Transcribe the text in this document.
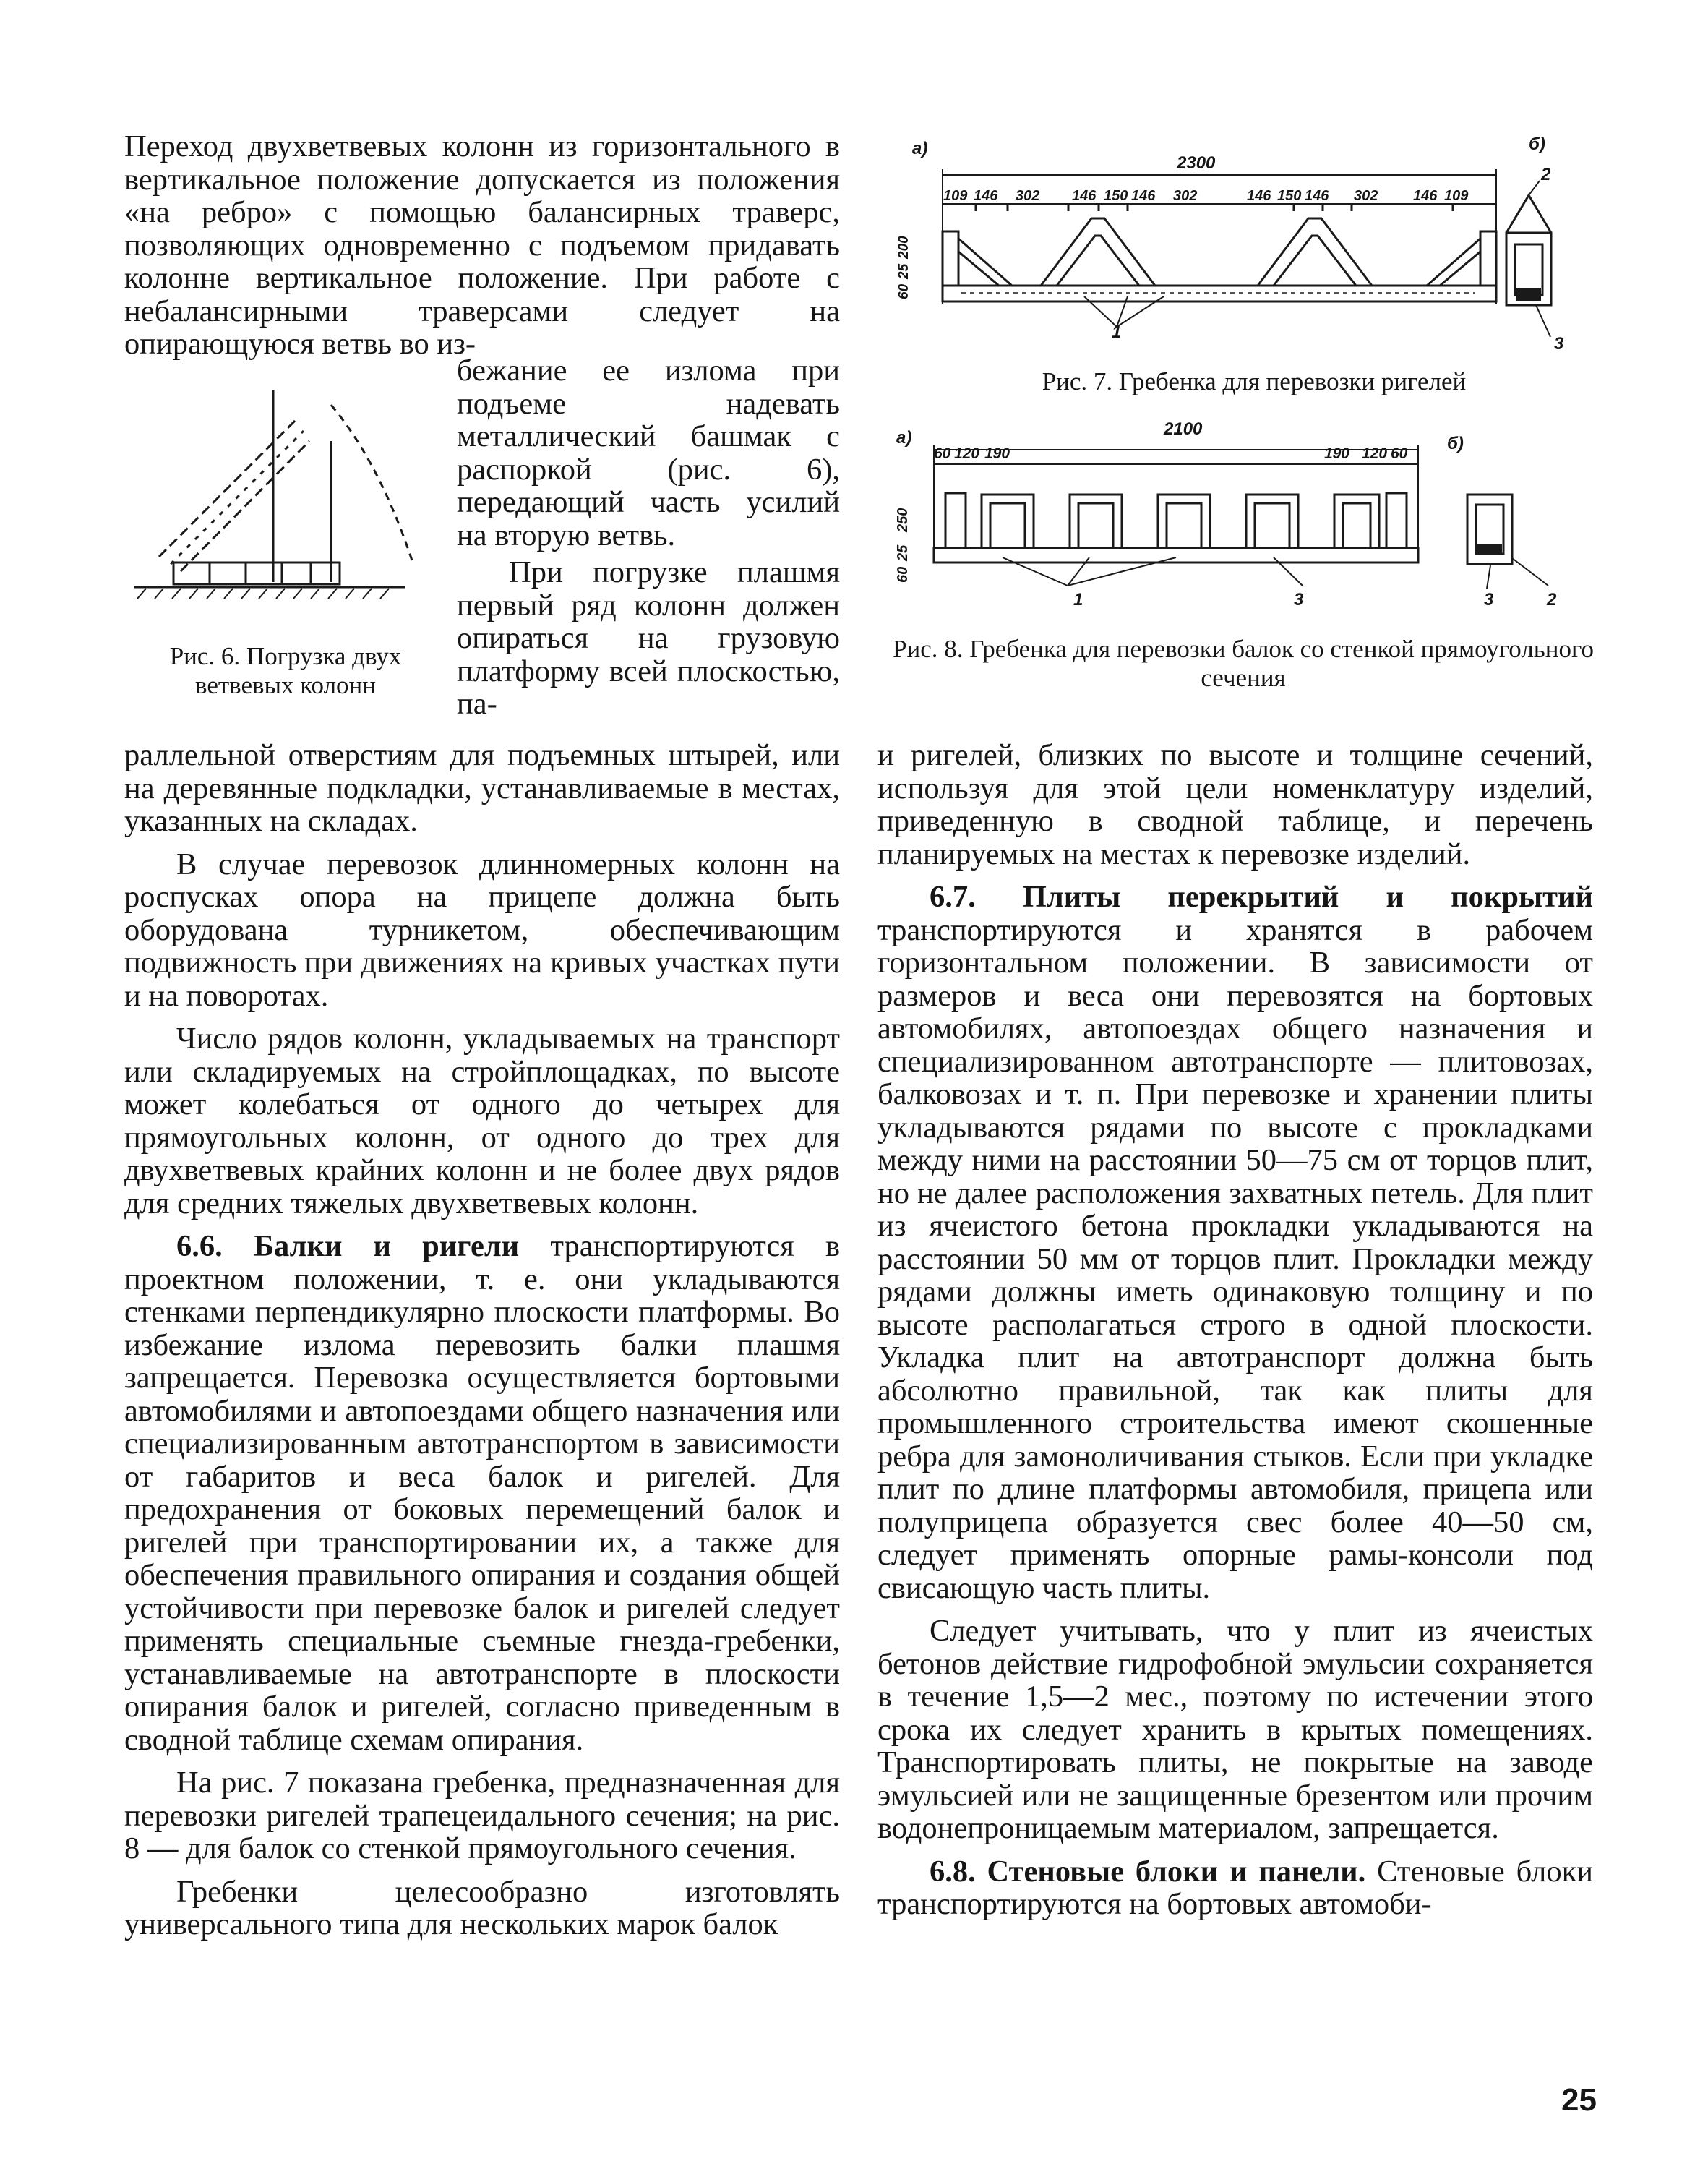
Переход двухветвевых колонн из горизонтального в вертикальное положение допускается из положения «на ребро» с помощью балансирных траверс, позволяющих одновременно с подъемом придавать колонне вертикальное положение. При работе с небалансирными траверсами следует на опирающуюся ветвь во из-

бежание ее излома при подъеме надевать металлический башмак с распоркой (рис. 6), передающий часть усилий на вторую ветвь.

При погрузке плашмя первый ряд колонн должен опираться на грузовую платформу всей плоскостью, па-

Рис. 6. Погрузка двух ветвевых колонн

раллельной отверстиям для подъемных штырей, или на деревянные подкладки, устанавливаемые в местах, указанных на складах.

В случае перевозок длинномерных колонн на роспусках опора на прицепе должна быть оборудована турникетом, обеспечивающим подвижность при движениях на кривых участках пути и на поворотах.

Число рядов колонн, укладываемых на транспорт или складируемых на стройплощадках, по высоте может колебаться от одного до четырех для прямоугольных колонн, от одного до трех для двухветвевых крайних колонн и не более двух рядов для средних тяжелых двухветвевых колонн.

6.6. Балки и ригели транспортируются в проектном положении, т. е. они укладываются стенками перпендикулярно плоскости платформы. Во избежание излома перевозить балки плашмя запрещается. Перевозка осуществляется бортовыми автомобилями и автопоездами общего назначения или специализированным автотранспортом в зависимости от габаритов и веса балок и ригелей. Для предохранения от боковых перемещений балок и ригелей при транспортировании их, а также для обеспечения правильного опирания и создания общей устойчивости при перевозке балок и ригелей следует применять специальные съемные гнезда-гребенки, устанавливаемые на автотранспорте в плоскости опирания балок и ригелей, согласно приведенным в сводной таблице схемам опирания.

На рис. 7 показана гребенка, предназначенная для перевозки ригелей трапецеидального сечения; на рис. 8 — для балок со стенкой прямоугольного сечения.

Гребенки целесообразно изготовлять универсального типа для нескольких марок балок

а)	б)
2300
109 146 302 146 150 146 302	146 150 146 302 146 109
60
25
200
1
2
3
Рис. 7. Гребенка для перевозки ригелей
а)	б)
2100
60 120 190	190 120 60
60
25
250
1	3	3	2
Рис. 8. Гребенка для перевозки балок со стенкой прямоугольного сечения

и ригелей, близких по высоте и толщине сечений, используя для этой цели номенклатуру изделий, приведенную в сводной таблице, и перечень планируемых на местах к перевозке изделий.

6.7. Плиты перекрытий и покрытий транспортируются и хранятся в рабочем горизонтальном положении. В зависимости от размеров и веса они перевозятся на бортовых автомобилях, автопоездах общего назначения и специализированном автотранспорте — плитовозах, балковозах и т. п. При перевозке и хранении плиты укладываются рядами по высоте с прокладками между ними на расстоянии 50—75 см от торцов плит, но не далее расположения захватных петель. Для плит из ячеистого бетона прокладки укладываются на расстоянии 50 мм от торцов плит. Прокладки между рядами должны иметь одинаковую толщину и по высоте располагаться строго в одной плоскости. Укладка плит на автотранспорт должна быть абсолютно правильной, так как плиты для промышленного строительства имеют скошенные ребра для замоноличивания стыков. Если при укладке плит по длине платформы автомобиля, прицепа или полуприцепа образуется свес более 40—50 см, следует применять опорные рамы-консоли под свисающую часть плиты.

Следует учитывать, что у плит из ячеистых бетонов действие гидрофобной эмульсии сохраняется в течение 1,5—2 мес., поэтому по истечении этого срока их следует хранить в крытых помещениях. Транспортировать плиты, не покрытые на заводе эмульсией или не защищенные брезентом или прочим водонепроницаемым материалом, запрещается.

6.8. Стеновые блоки и панели. Стеновые блоки транспортируются на бортовых автомоби-

25
